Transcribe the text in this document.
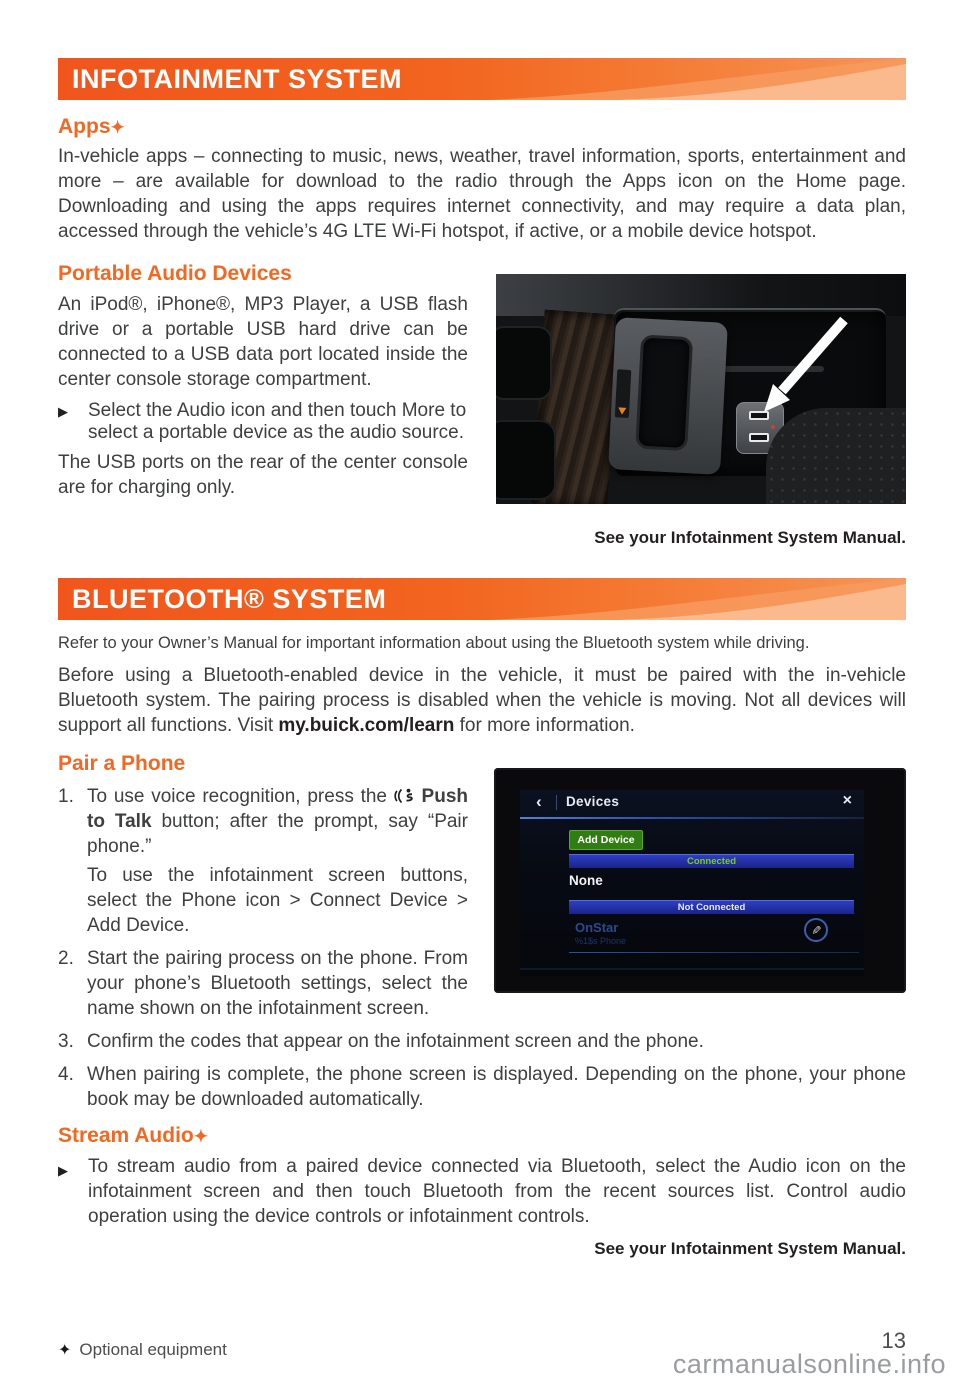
INFOTAINMENT SYSTEM
Apps✦

In-vehicle apps – connecting to music, news, weather, travel information, sports, entertainment and more – are available for download to the radio through the Apps icon on the Home page. Downloading and using the apps requires internet connectivity, and may require a data plan, accessed through the vehicle’s 4G LTE Wi-Fi hotspot, if active, or a mobile device hotspot.

See your Infotainment System Manual.
Portable Audio Devices

An iPod®, iPhone®, MP3 Player, a USB flash drive or a portable USB hard drive can be connected to a USB data port located inside the center console storage compartment.

▶ Select the Audio icon and then touch More to select a portable device as the audio source.

The USB ports on the rear of the center console are for charging only.

BLUETOOTH® SYSTEM

Refer to your Owner’s Manual for important information about using the Bluetooth system while driving.

Before using a Bluetooth-enabled device in the vehicle, it must be paired with the in-vehicle Bluetooth system. The pairing process is disabled when the vehicle is moving. Not all devices will support all functions. Visit my.buick.com/learn for more information.

Pair a Phone
‹ Devices	×
Add Device
Connected
None
Not Connected
OnStar
%1$s Phone
✎
1. To use voice recognition, press the  Push to Talk button; after the prompt, say “Pair phone.”

To use the infotainment screen buttons, select the Phone icon > Connect Device > Add Device.

2. Start the pairing process on the phone. From your phone’s Bluetooth settings, select the name shown on the infotainment screen.
3. Confirm the codes that appear on the infotainment screen and the phone.
4. When pairing is complete, the phone screen is displayed. Depending on the phone, your phone book may be downloaded automatically.
Stream Audio✦
▶ To stream audio from a paired device connected via Bluetooth, select the Audio icon on the infotainment screen and then touch Bluetooth from the recent sources list. Control audio operation using the device controls or infotainment controls.
See your Infotainment System Manual.
✦ Optional equipment	13
carmanualsonline.info
